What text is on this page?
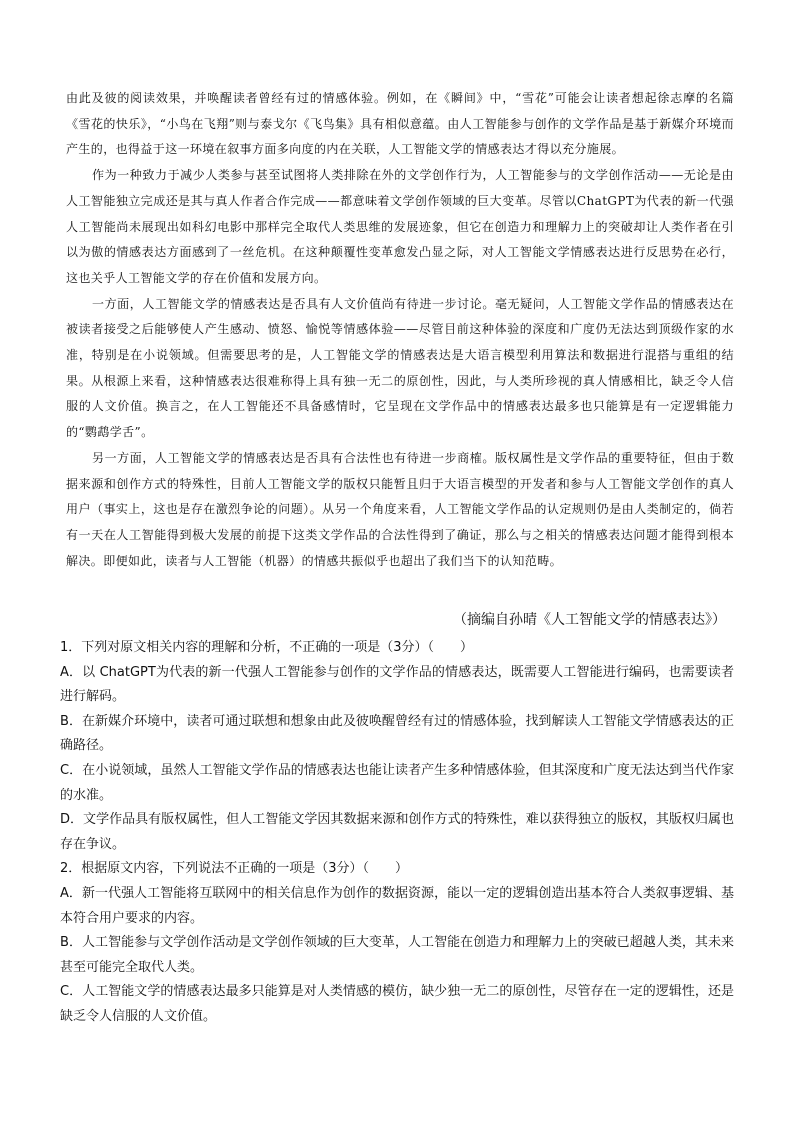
由此及彼的阅读效果，并唤醒读者曾经有过的情感体验。例如，在《瞬间》中，“雪花”可能会让读者想起徐志摩的名篇《雪花的快乐》，“小鸟在飞翔”则与泰戈尔《飞鸟集》具有相似意蕴。由人工智能参与创作的文学作品是基于新媒介环境而产生的，也得益于这一环境在叙事方面多向度的内在关联，人工智能文学的情感表达才得以充分施展。

作为一种致力于减少人类参与甚至试图将人类排除在外的文学创作行为，人工智能参与的文学创作活动——无论是由人工智能独立完成还是其与真人作者合作完成——都意味着文学创作领域的巨大变革。尽管以ChatGPT为代表的新一代强人工智能尚未展现出如科幻电影中那样完全取代人类思维的发展迹象，但它在创造力和理解力上的突破却让人类作者在引以为傲的情感表达方面感到了一丝危机。在这种颠覆性变革愈发凸显之际，对人工智能文学情感表达进行反思势在必行，这也关乎人工智能文学的存在价值和发展方向。

一方面，人工智能文学的情感表达是否具有人文价值尚有待进一步讨论。毫无疑问，人工智能文学作品的情感表达在被读者接受之后能够使人产生感动、愤怒、愉悦等情感体验——尽管目前这种体验的深度和广度仍无法达到顶级作家的水准，特别是在小说领域。但需要思考的是，人工智能文学的情感表达是大语言模型利用算法和数据进行混搭与重组的结果。从根源上来看，这种情感表达很难称得上具有独一无二的原创性，因此，与人类所珍视的真人情感相比，缺乏令人信服的人文价值。换言之，在人工智能还不具备感情时，它呈现在文学作品中的情感表达最多也只能算是有一定逻辑能力的“鹦鹉学舌”。

另一方面，人工智能文学的情感表达是否具有合法性也有待进一步商榷。版权属性是文学作品的重要特征，但由于数据来源和创作方式的特殊性，目前人工智能文学的版权只能暂且归于大语言模型的开发者和参与人工智能文学创作的真人用户（事实上，这也是存在激烈争论的问题）。从另一个角度来看，人工智能文学作品的认定规则仍是由人类制定的，倘若有一天在人工智能得到极大发展的前提下这类文学作品的合法性得到了确证，那么与之相关的情感表达问题才能得到根本解决。即便如此，读者与人工智能（机器）的情感共振似乎也超出了我们当下的认知范畴。

（摘编自孙晴《人工智能文学的情感表达》）

1．下列对原文相关内容的理解和分析，不正确的一项是（3分）（　　）

A．以 ChatGPT为代表的新一代强人工智能参与创作的文学作品的情感表达，既需要人工智能进行编码，也需要读者进行解码。

B．在新媒介环境中，读者可通过联想和想象由此及彼唤醒曾经有过的情感体验，找到解读人工智能文学情感表达的正确路径。

C．在小说领域，虽然人工智能文学作品的情感表达也能让读者产生多种情感体验，但其深度和广度无法达到当代作家的水准。

D．文学作品具有版权属性，但人工智能文学因其数据来源和创作方式的特殊性，难以获得独立的版权，其版权归属也存在争议。

2．根据原文内容，下列说法不正确的一项是（3分）（　　）

A．新一代强人工智能将互联网中的相关信息作为创作的数据资源，能以一定的逻辑创造出基本符合人类叙事逻辑、基本符合用户要求的内容。

B．人工智能参与文学创作活动是文学创作领域的巨大变革，人工智能在创造力和理解力上的突破已超越人类，其未来甚至可能完全取代人类。

C．人工智能文学的情感表达最多只能算是对人类情感的模仿，缺少独一无二的原创性，尽管存在一定的逻辑性，还是缺乏令人信服的人文价值。
